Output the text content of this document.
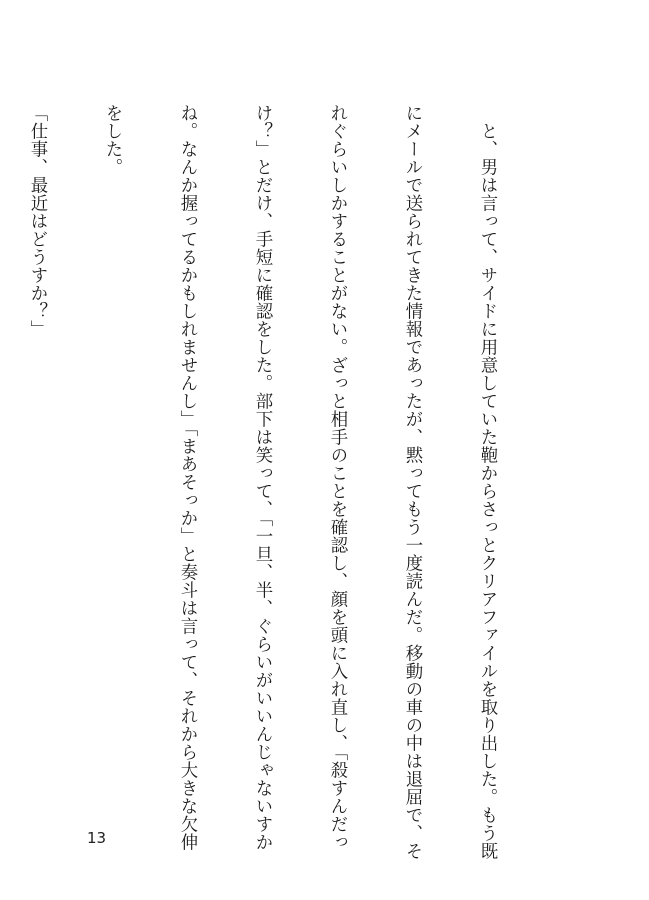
　と、男は言って、サイドに用意していた鞄からさっとクリアファイルを取り出した。もう既

にメールで送られてきた情報であったが、黙ってもう一度読んだ。移動の車の中は退屈で、そ

れぐらいしかすることがない。ざっと相手のことを確認し、顔を頭に入れ直し、「殺すんだっ

け？」とだけ、手短に確認をした。部下は笑って、「一旦、半、ぐらいがいいんじゃないすか

ね。なんか握ってるかもしれませんし」「まあそっか」と奏斗は言って、それから大きな欠伸

をした。

「仕事、最近はどうすか？」

13
